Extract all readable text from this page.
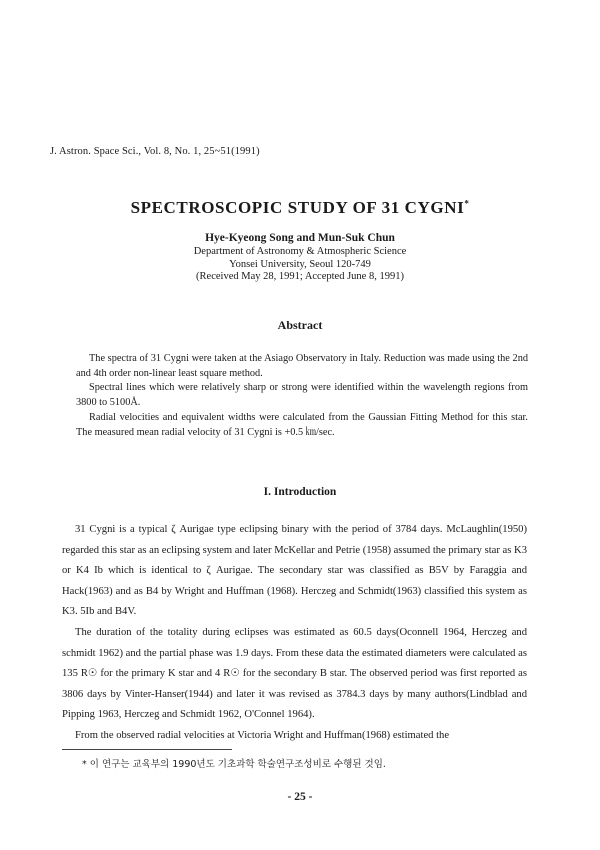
J. Astron. Space Sci., Vol. 8, No. 1, 25~51(1991)
SPECTROSCOPIC STUDY OF 31 CYGNI*
Hye-Kyeong Song and Mun-Suk Chun
Department of Astronomy & Atmospheric Science
Yonsei University, Seoul 120-749
(Received May 28, 1991; Accepted June 8, 1991)
Abstract

The spectra of 31 Cygni were taken at the Asiago Observatory in Italy. Reduction was made using the 2nd and 4th order non-linear least square method.

Spectral lines which were relatively sharp or strong were identified within the wavelength regions from 3800 to 5100Å.

Radial velocities and equivalent widths were calculated from the Gaussian Fitting Method for this star. The measured mean radial velocity of 31 Cygni is +0.5 ㎞/sec.

I. Introduction

31 Cygni is a typical ζ Aurigae type eclipsing binary with the period of 3784 days. McLaughlin(1950) regarded this star as an eclipsing system and later McKellar and Petrie (1958) assumed the primary star as K3 or K4 Ib which is identical to ζ Aurigae. The secondary star was classified as B5V by Faraggia and Hack(1963) and as B4 by Wright and Huffman (1968). Herczeg and Schmidt(1963) classified this system as K3. 5Ib and B4V.

The duration of the totality during eclipses was estimated as 60.5 days(Oconnell 1964, Herczeg and schmidt 1962) and the partial phase was 1.9 days. From these data the estimated diameters were calculated as 135 R☉ for the primary K star and 4 R☉ for the secondary B star. The observed period was first reported as 3806 days by Vinter-Hanser(1944) and later it was revised as 3784.3 days by many authors(Lindblad and Pipping 1963, Herczeg and Schmidt 1962, O'Connel 1964).

From the observed radial velocities at Victoria Wright and Huffman(1968) estimated the

* 이 연구는 교육부의 1990년도 기초과학 학술연구조성비로 수행된 것임.
- 25 -
